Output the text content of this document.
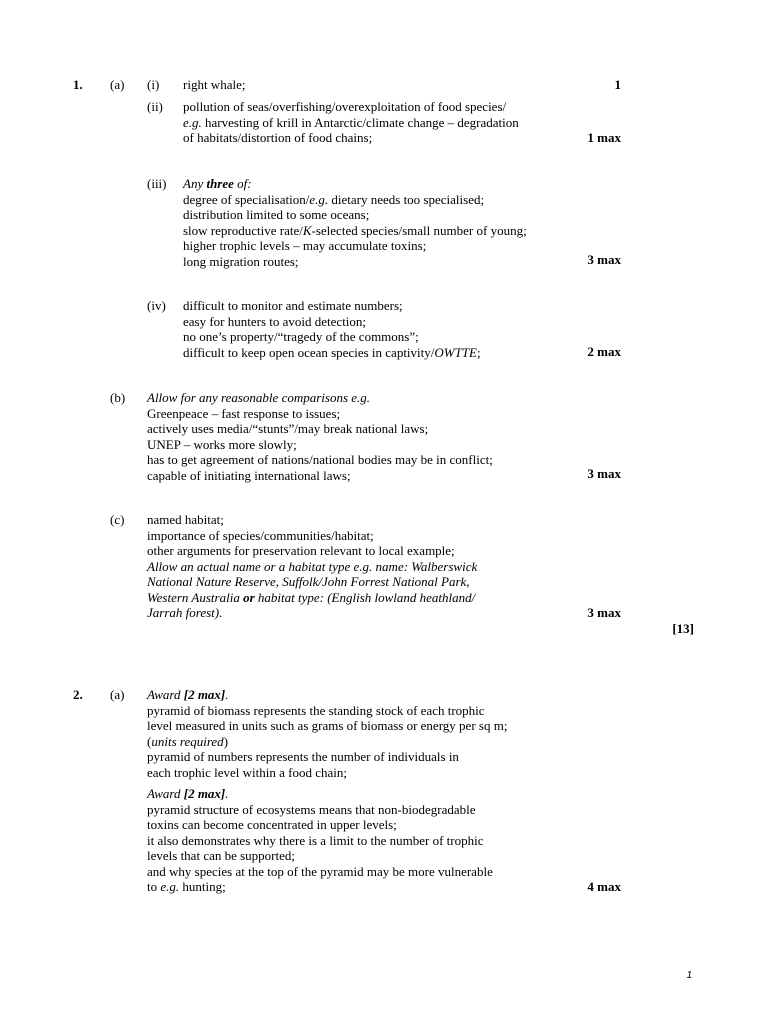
1. (a) (i) right whale;	1
(ii) pollution of seas/overfishing/overexploitation of food species/
e.g. harvesting of krill in Antarctic/climate change – degradation
of habitats/distortion of food chains;	1 max
(iii) Any three of:
degree of specialisation/e.g. dietary needs too specialised;
distribution limited to some oceans;
slow reproductive rate/K-selected species/small number of young;
higher trophic levels – may accumulate toxins;
long migration routes;	3 max
(iv) difficult to monitor and estimate numbers;
easy for hunters to avoid detection;
no one’s property/“tragedy of the commons”;
difficult to keep open ocean species in captivity/OWTTE;	2 max
(b) Allow for any reasonable comparisons e.g.
Greenpeace – fast response to issues;
actively uses media/“stunts”/may break national laws;
UNEP – works more slowly;
has to get agreement of nations/national bodies may be in conflict;
capable of initiating international laws;	3 max
(c) named habitat;
importance of species/communities/habitat;
other arguments for preservation relevant to local example;
Allow an actual name or a habitat type e.g. name: Walberswick
National Nature Reserve, Suffolk/John Forrest National Park,
Western Australia or habitat type: (English lowland heathland/
Jarrah forest).	3 max
[13]
2. (a) Award [2 max].
pyramid of biomass represents the standing stock of each trophic
level measured in units such as grams of biomass or energy per sq m;
(units required)
pyramid of numbers represents the number of individuals in
each trophic level within a food chain;
Award [2 max].
pyramid structure of ecosystems means that non-biodegradable
toxins can become concentrated in upper levels;
it also demonstrates why there is a limit to the number of trophic
levels that can be supported;
and why species at the top of the pyramid may be more vulnerable
to e.g. hunting;	4 max
1
